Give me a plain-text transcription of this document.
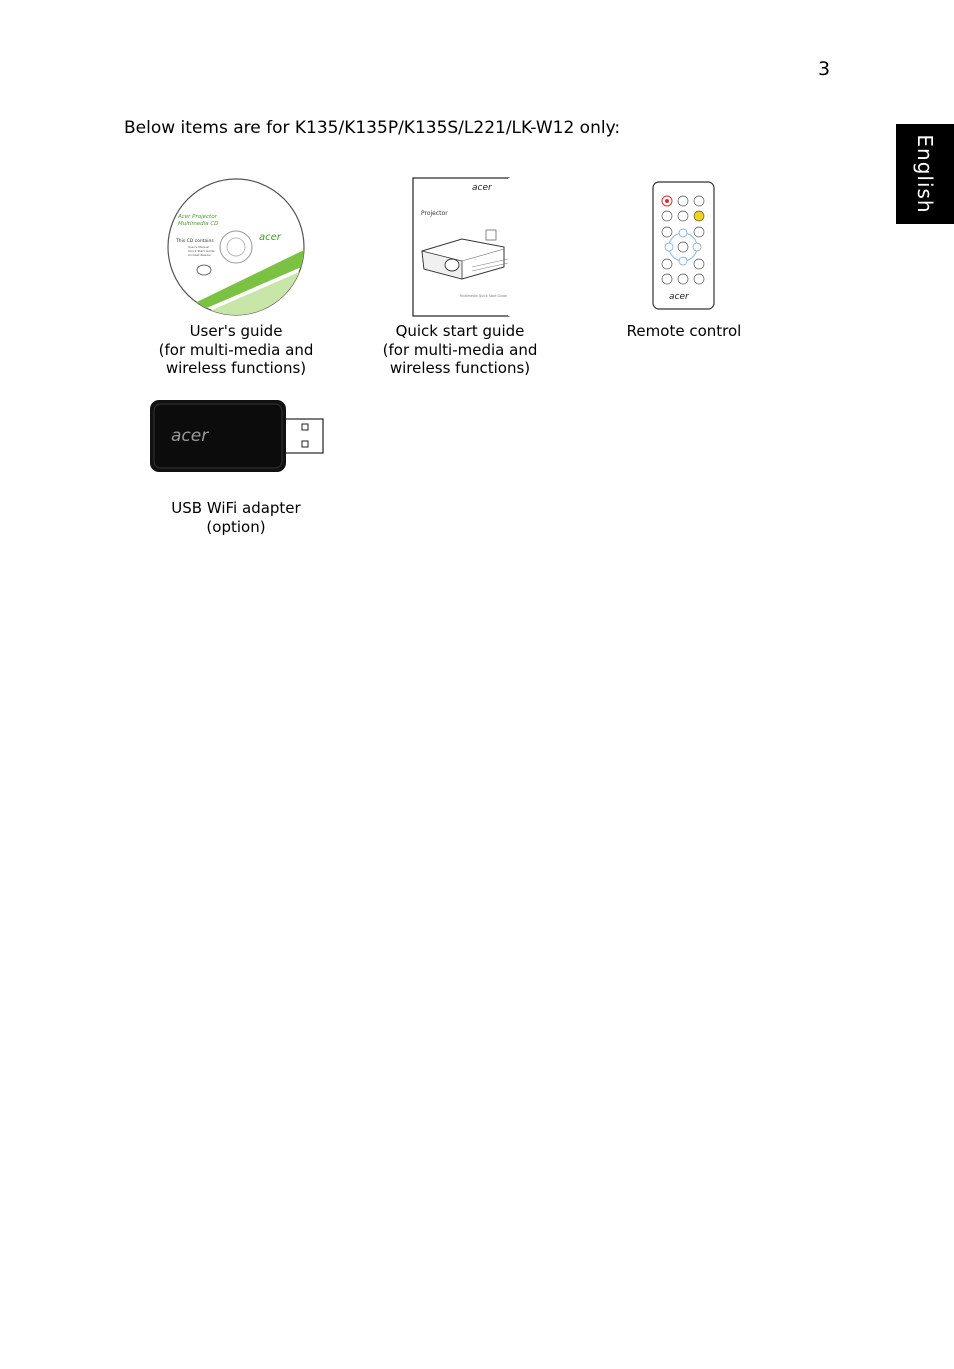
3
English
Below items are for K135/K135P/K135S/L221/LK-W12 only:
Acer Projector
Multimedia CD
This CD contains
User's Manual
Quick Start Guide
Acrobat Reader
acer
acer
Projector
Multimedia Quick Start Guide	acer
acer
User's guide
(for multi-media and
wireless functions)
Quick start guide
(for multi-media and
wireless functions)
Remote control
USB WiFi adapter
(option)
